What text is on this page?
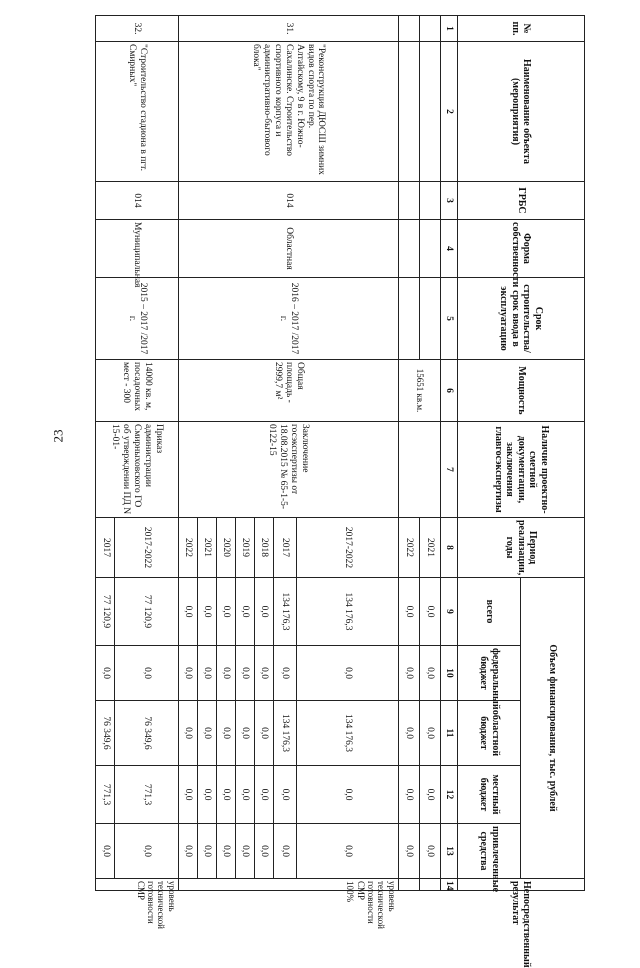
23
№ пп.	Наименование объекта (мероприятия)	ГРБС	Форма собственности	Срок строительства/срок ввода в эксплуатацию	Мощность	Наличие проектно-сметной документации, заключения главгосэкспертизы	Период реализации, годы	Объем финансирования, тыс. рублей					Непосредственный результат
								всего	федеральный бюджет	областной бюджет	местный бюджет	привлеченные средства	
1	2	3	4	5	6	7	8	9	10	11	12	13	14
					15651 кв.м.		2021	0,0	0,0	0,0	0,0	0,0	
							2022	0,0	0,0	0,0	0,0	0,0	
31.	"Реконструкция ДЮСШ зимних видов спорта по пер. Алтайскому, 9 в г. Южно-Сахалинске. Строительство спортивного корпуса и административно-бытового блока"	014	Областная	2016 – 2017 /2017 г.	Общая площадь - 2999,7 м²	Заключение госэкспертизы от 18.08.2015 № 65-1-5-0122-15	2017-2022	134 176,3	0,0	134 176,3	0,0	0,0	уровень технической готовности СМР 100%
							2017	134 176,3	0,0	134 176,3	0,0	0,0	
							2018	0,0	0,0	0,0	0,0	0,0	
							2019	0,0	0,0	0,0	0,0	0,0	
							2020	0,0	0,0	0,0	0,0	0,0	
							2021	0,0	0,0	0,0	0,0	0,0	
							2022	0,0	0,0	0,0	0,0	0,0	
32.	"Строительство стадиона в пгт. Смирных"	014	Муниципальная	2015 – 2017 /2017 г.	14000 кв. м, посадочных мест - 300	Приказ администрации Смирныховского ГО об утверждении ПД N 15-01-	2017-2022	77 120,9	0,0	76 349,6	771,3	0,0	уровень технической готовности СМР
							2017	77 120,9	0,0	76 349,6	771,3	0,0	
